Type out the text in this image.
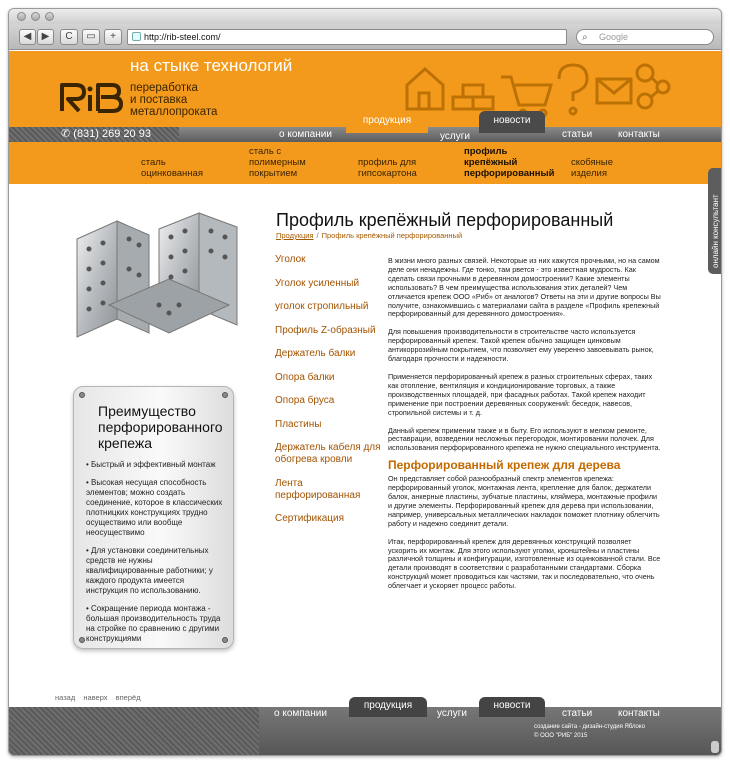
◀	▶	C	▭	+	http://rib-steel.com/	⌕ Google
на стыке технологий
переработка
и поставка
металлопроката
✆ (831) 269 20 93	о компании
продукция
услуги
новости
статьи	контакты
сталь
оцинкованная
сталь с
полимерным
покрытием
профиль для
гипсокартона
профиль
крепёжный
перфорированный
скобяные
изделия
онлайн консультант
Преимущество перфорированного крепежа
• Быстрый и эффективный монтаж
• Высокая несущая способность элементов; можно создать соединение, которое в классических плотницких конструкциях трудно осуществимо или вообще неосуществимо
• Для установки соединительных средств не нужны квалифицированные работники; у каждого продукта имеется инструкция по использованию.
• Сокращение периода монтажа - большая производительность труда на стройке по сравнению с другими конструкциями
Профиль крепёжный перфорированный
Продукция / Профиль крепёжный перфорированный
Уголок
Уголок усиленный
уголок стропильный
Профиль Z-образный
Держатель балки
Опора балки
Опора бруса
Пластины
Держатель кабеля для обогрева кровли
Лента перфорированная
Сертификация

В жизни много разных связей. Некоторые из них кажутся прочными, но на самом деле они ненадежны. Где тонко, там рвется - это известная мудрость. Как сделать связи прочными в деревянном домостроении? Какие элементы использовать? В чем преимущества использования этих деталей? Чем отличается крепеж ООО «Риб» от аналогов? Ответы на эти и другие вопросы Вы получите, ознакомившись с материалами сайта в разделе «Профиль крепежный перфорированный для деревянного домостроения».

Для повышения производительности в строительстве часто используется перфорированный крепеж. Такой крепеж обычно защищен цинковым антикоррозийным покрытием, что позволяет ему уверенно завоевывать рынок, благодаря прочности и надежности.

Применяется перфорированный крепеж в разных строительных сферах, таких как отопление, вентиляция и кондиционирование торговых, а также производственных площадей, при фасадных работах. Такой крепеж находит применение при построении деревянных сооружений: беседок, навесов, стропильной системы и т. д.

Данный крепеж применим также и в быту. Его используют в мелком ремонте, реставрации, возведении несложных перегородок, монтировании полочек. Для использования перфорированного крепежа не нужно специального инструмента.

Перфорированный крепеж для дерева

Он представляет собой разнообразный спектр элементов крепежа: перфорированный уголок, монтажная лента, крепление для балок, держатели балок, анкерные пластины, зубчатые пластины, кляймера, монтажные профили и другие элементы. Перфорированный крепеж для дерева при использовании, например, универсальных металлических накладок поможет плотнику облегчить работу и надежно соединит детали.

Итак, перфорированный крепеж для деревянных конструкций позволяет ускорить их монтаж. Для этого используют уголки, кронштейны и пластины различной толщины и конфигурации, изготовленные из оцинкованной стали. Все детали производят в соответствии с разработанными стандартами. Сборка конструкций может проводиться как частями, так и последовательно, что очень облегчает и ускоряет процесс работы.

назад наверх вперёд
о компании
продукция
услуги
новости
статьи	контакты
создание сайта - дизайн-студия Яблоко
© ООО "РИБ" 2015
